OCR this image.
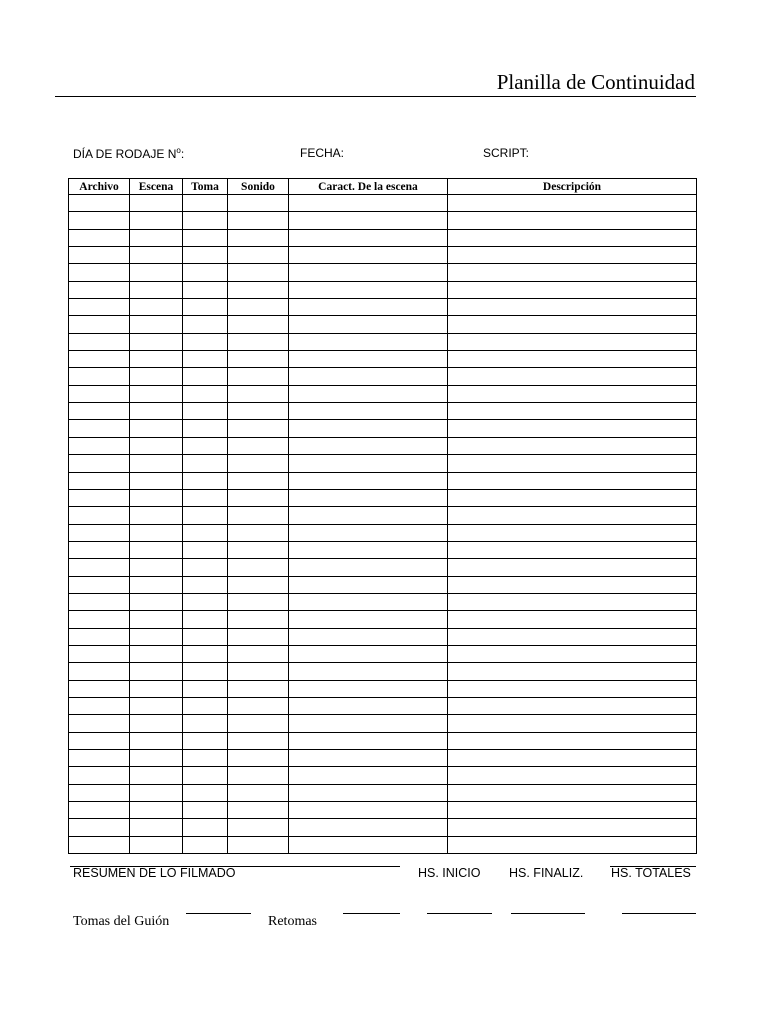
Planilla de Continuidad
DÍA DE RODAJE $N^o$:	FECHA:	SCRIPT:
Archivo	Escena	Toma	Sonido	Caract. De la escena	Descripción

RESUMEN DE LO FILMADO	HS. INICIO HS. FINALIZ. HS. TOTALES
Tomas del Guión	Retomas
